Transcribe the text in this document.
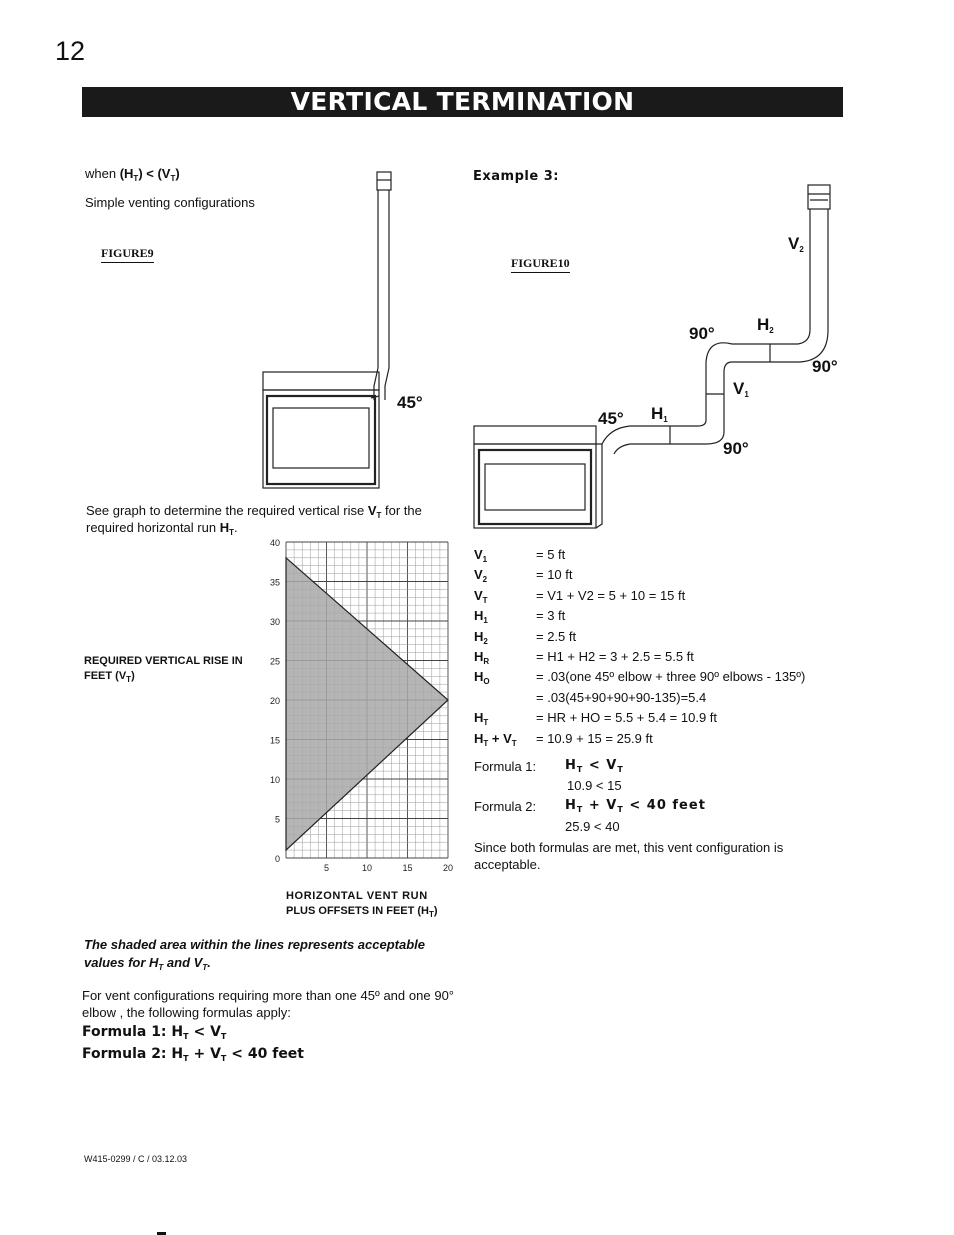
12
VERTICAL TERMINATION
when $(H_T) < (V_T)$
Simple venting configurations
FIGURE9
45°
See graph to determine the required vertical rise $V_T$ for the required horizontal run $H_T$.
REQUIRED VERTICAL RISE IN
FEET $(V_T)$
0
5
10
15
20
25
30
35
40
5	10	15	20
HORIZONTAL VENT RUN
PLUS OFFSETS IN FEET $(H_T)$
The shaded area within the lines represents acceptable values for $H_T$ and $V_T$.
For vent configurations requiring more than one 45º and one 90° elbow , the following formulas apply:
Formula 1: $H_T < V_T$
Formula 2: $H_T + V_T < 40$ feet
W415-0299 / C / 03.12.03
Example 3:
FIGURE10
$V_2$
$H_2$
90°
90°
$V_1$
45° $H_1$
90°
$V_1$	= 5 ft
$V_2$	= 10 ft
$V_T$	= V1 + V2 = 5 + 10 = 15 ft
$H_1$	= 3 ft
$H_2$	= 2.5 ft
$H_R$	= H1 + H2 = 3 + 2.5 = 5.5 ft
$H_O$	= .03(one 45º elbow + three 90º elbows - 135º)
= .03(45+90+90+90-135)=5.4
$H_T$	= HR + HO = 5.5 + 5.4 = 10.9 ft
$H_T + V_T$	= 10.9 + 15 = 25.9 ft
Formula 1: $H_T < V_T$
10.9 < 15
Formula 2: $H_T + V_T < 40$ feet
25.9 < 40
Since both formulas are met, this vent configuration is acceptable.
